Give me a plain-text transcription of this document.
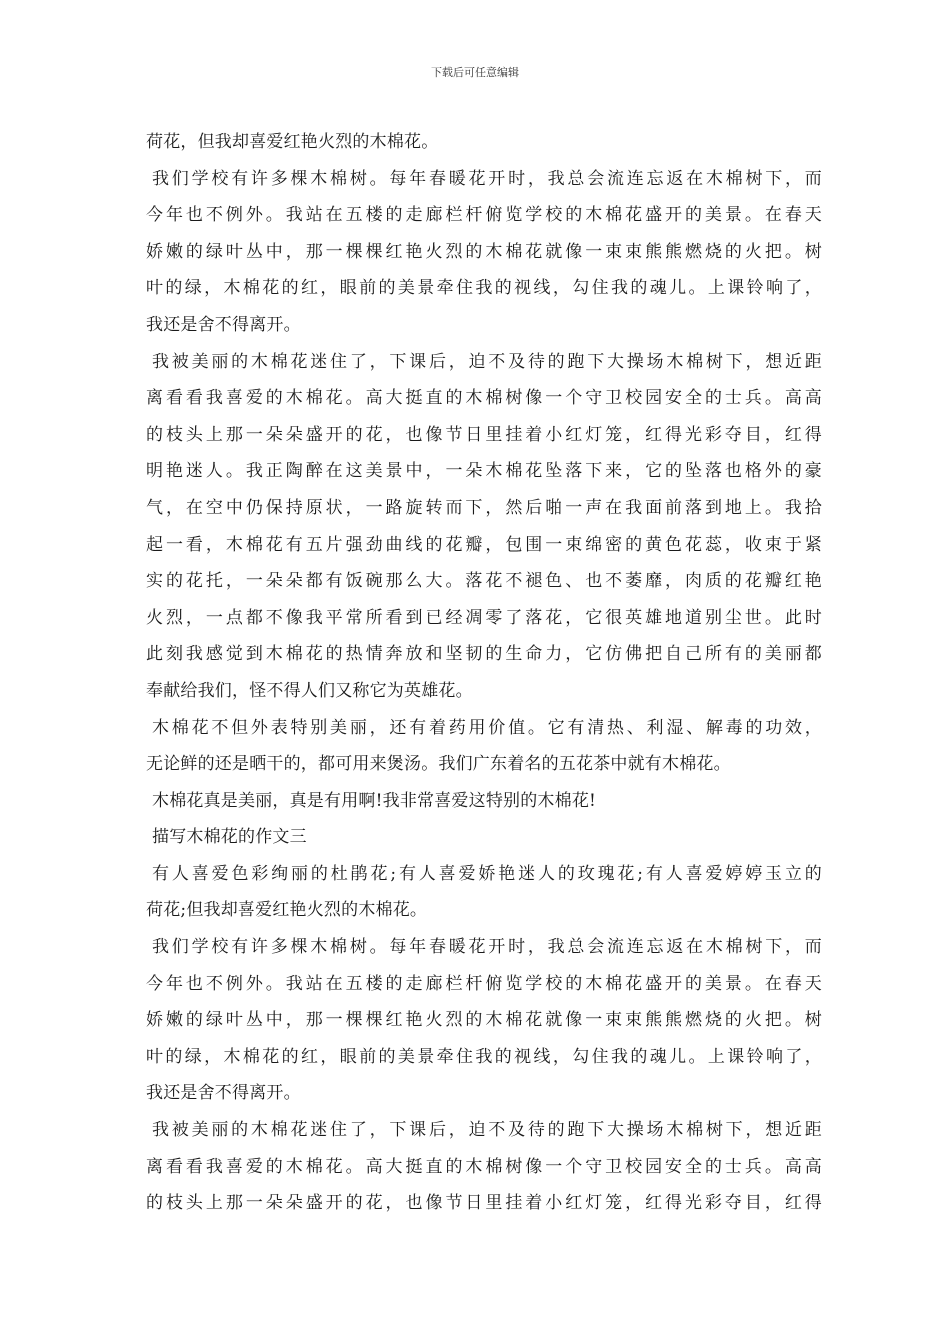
下载后可任意编辑
荷花，但我却喜爱红艳火烈的木棉花。
我们学校有许多棵木棉树。每年春暖花开时，我总会流连忘返在木棉树下，而
今年也不例外。我站在五楼的走廊栏杆俯览学校的木棉花盛开的美景。在春天
娇嫩的绿叶丛中，那一棵棵红艳火烈的木棉花就像一束束熊熊燃烧的火把。树
叶的绿，木棉花的红，眼前的美景牵住我的视线，勾住我的魂儿。上课铃响了，
我还是舍不得离开。
我被美丽的木棉花迷住了，下课后，迫不及待的跑下大操场木棉树下，想近距
离看看我喜爱的木棉花。高大挺直的木棉树像一个守卫校园安全的士兵。高高
的枝头上那一朵朵盛开的花，也像节日里挂着小红灯笼，红得光彩夺目，红得
明艳迷人。我正陶醉在这美景中，一朵木棉花坠落下来，它的坠落也格外的豪
气，在空中仍保持原状，一路旋转而下，然后啪一声在我面前落到地上。我拾
起一看，木棉花有五片强劲曲线的花瓣，包围一束绵密的黄色花蕊，收束于紧
实的花托，一朵朵都有饭碗那么大。落花不褪色、也不萎靡，肉质的花瓣红艳
火烈，一点都不像我平常所看到已经凋零了落花，它很英雄地道别尘世。此时
此刻我感觉到木棉花的热情奔放和坚韧的生命力，它仿佛把自己所有的美丽都
奉献给我们，怪不得人们又称它为英雄花。
木棉花不但外表特别美丽，还有着药用价值。它有清热、利湿、解毒的功效，
无论鲜的还是晒干的，都可用来煲汤。我们广东着名的五花茶中就有木棉花。
木棉花真是美丽，真是有用啊!我非常喜爱这特别的木棉花!
描写木棉花的作文三
有人喜爱色彩绚丽的杜鹃花;有人喜爱娇艳迷人的玫瑰花;有人喜爱婷婷玉立的
荷花;但我却喜爱红艳火烈的木棉花。
我们学校有许多棵木棉树。每年春暖花开时，我总会流连忘返在木棉树下，而
今年也不例外。我站在五楼的走廊栏杆俯览学校的木棉花盛开的美景。在春天
娇嫩的绿叶丛中，那一棵棵红艳火烈的木棉花就像一束束熊熊燃烧的火把。树
叶的绿，木棉花的红，眼前的美景牵住我的视线，勾住我的魂儿。上课铃响了，
我还是舍不得离开。
我被美丽的木棉花迷住了，下课后，迫不及待的跑下大操场木棉树下，想近距
离看看我喜爱的木棉花。高大挺直的木棉树像一个守卫校园安全的士兵。高高
的枝头上那一朵朵盛开的花，也像节日里挂着小红灯笼，红得光彩夺目，红得
